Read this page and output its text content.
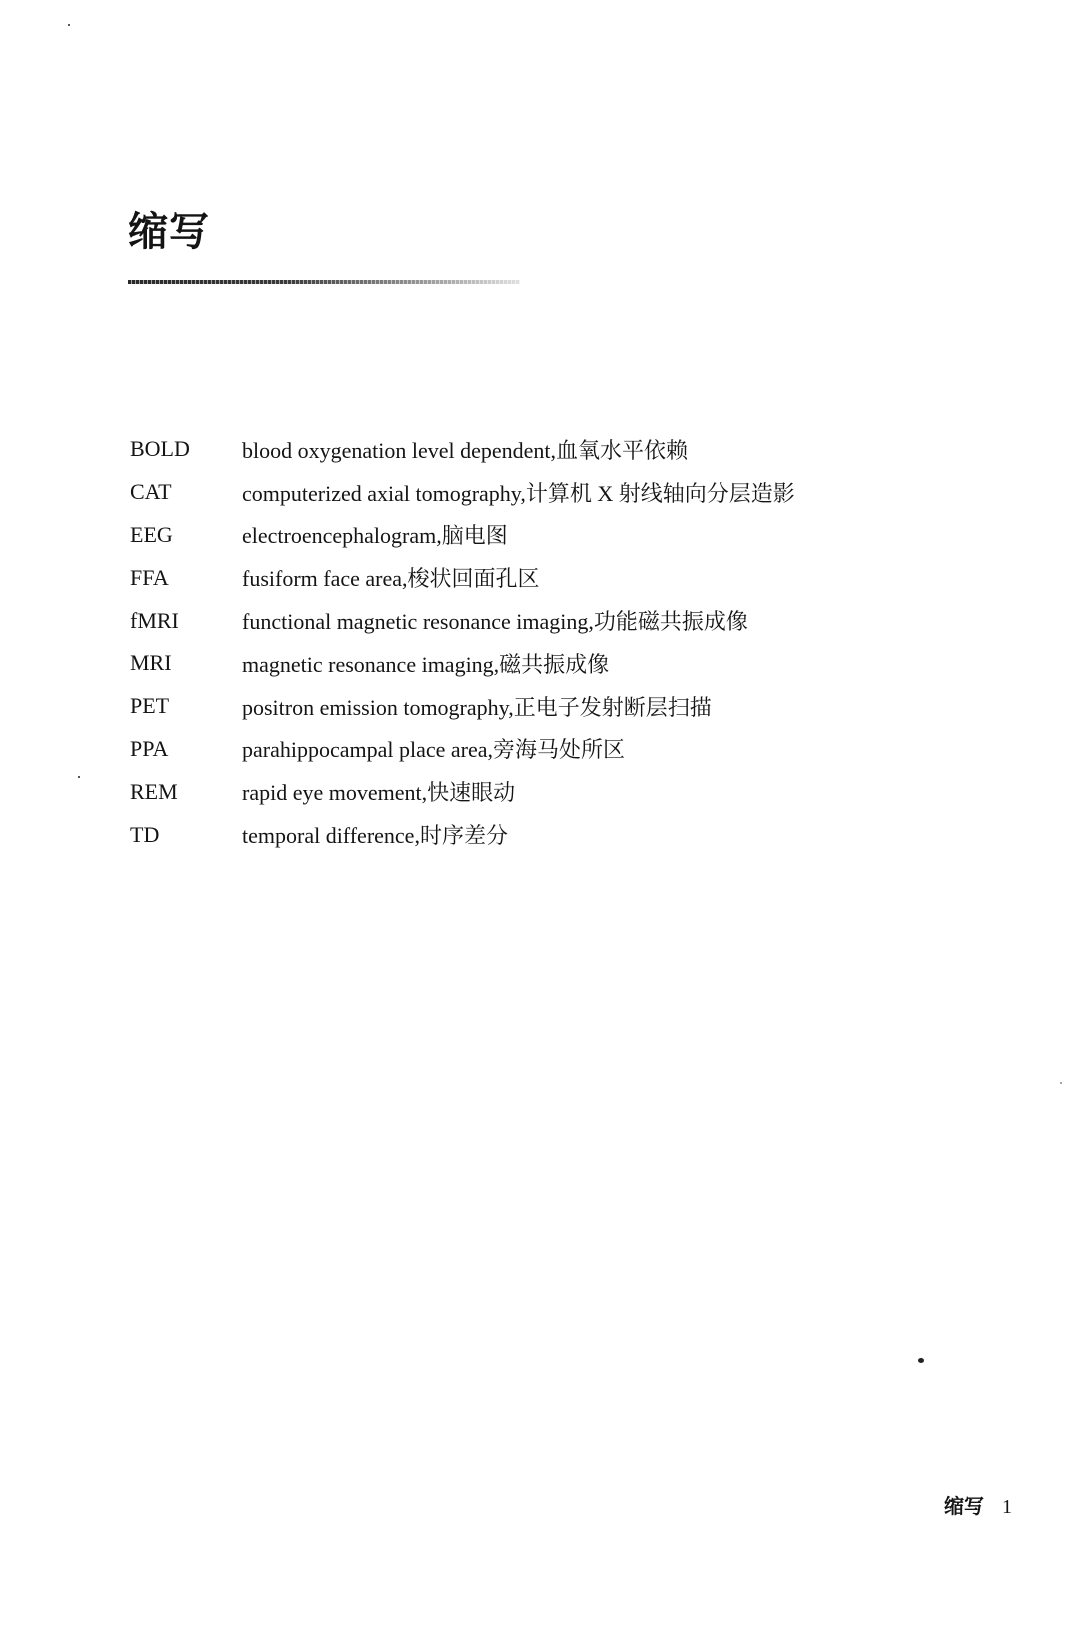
缩写
BOLD	blood oxygenation level dependent,血氧水平依赖
CAT	computerized axial tomography,计算机 X 射线轴向分层造影
EEG	electroencephalogram,脑电图
FFA	fusiform face area,梭状回面孔区
fMRI	functional magnetic resonance imaging,功能磁共振成像
MRI	magnetic resonance imaging,磁共振成像
PET	positron emission tomography,正电子发射断层扫描
PPA	parahippocampal place area,旁海马处所区
REM	rapid eye movement,快速眼动
TD	temporal difference,时序差分
缩写 1
